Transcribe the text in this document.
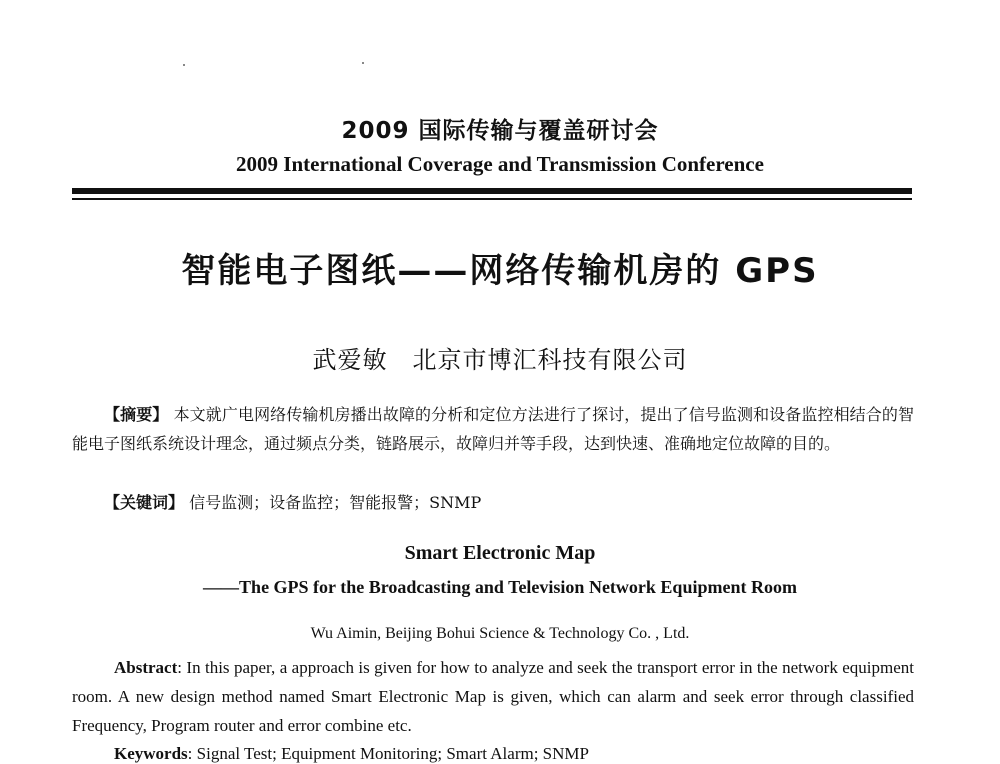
2009 国际传输与覆盖研讨会
2009 International Coverage and Transmission Conference
智能电子图纸——网络传输机房的 GPS
武爱敏　北京市博汇科技有限公司
【摘要】 本文就广电网络传输机房播出故障的分析和定位方法进行了探讨，提出了信号监测和设备监控相结合的智能电子图纸系统设计理念，通过频点分类，链路展示，故障归并等手段，达到快速、准确地定位故障的目的。
【关键词】 信号监测；设备监控；智能报警；SNMP
Smart Electronic Map
——The GPS for the Broadcasting and Television Network Equipment Room
Wu Aimin, Beijing Bohui Science & Technology Co. , Ltd.
Abstract: In this paper, a approach is given for how to analyze and seek the transport error in the network equipment room. A new design method named Smart Electronic Map is given, which can alarm and seek error through classified Frequency, Program router and error combine etc.
Keywords: Signal Test; Equipment Monitoring; Smart Alarm; SNMP
